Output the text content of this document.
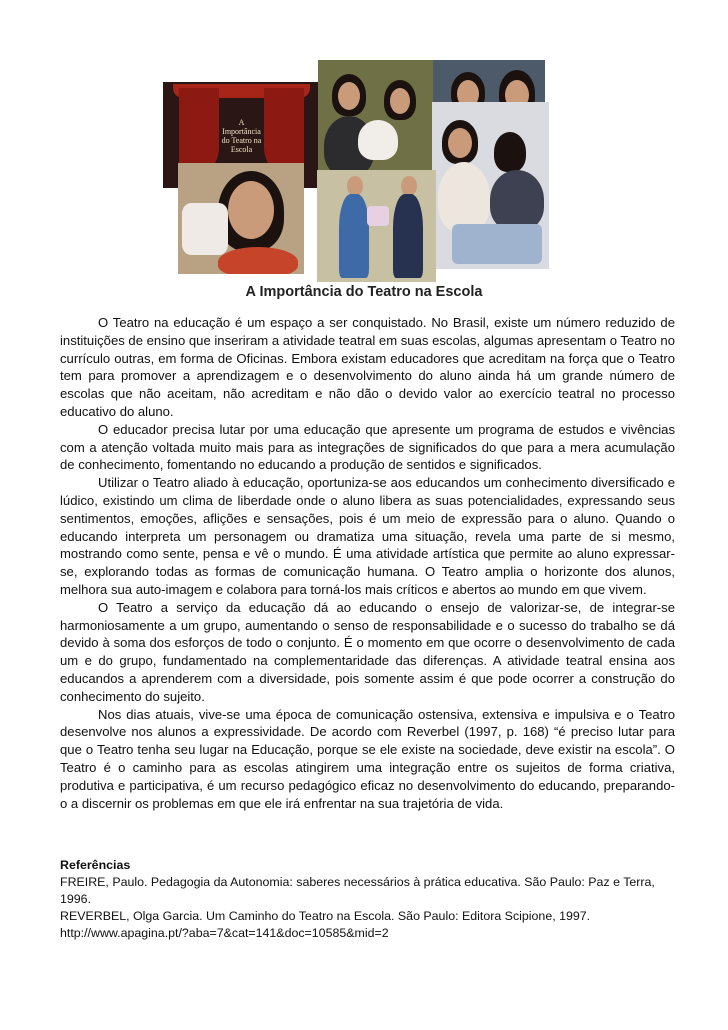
A Importância do Teatro na Escola
A Importância do Teatro na Escola

O Teatro na educação é um espaço a ser conquistado. No Brasil, existe um número reduzido de instituições de ensino que inseriram a atividade teatral em suas escolas, algumas apresentam o Teatro no currículo outras, em forma de Oficinas. Embora existam educadores que acreditam na força que o Teatro tem para promover a aprendizagem e o desenvolvimento do aluno ainda há um grande número de escolas que não aceitam, não acreditam e não dão o devido valor ao exercício teatral no processo educativo do aluno.

O educador precisa lutar por uma educação que apresente um programa de estudos e vivências com a atenção voltada muito mais para as integrações de significados do que para a mera acumulação de conhecimento, fomentando no educando a produção de sentidos e significados.

Utilizar o Teatro aliado à educação, oportuniza-se aos educandos um conhecimento diversificado e lúdico, existindo um clima de liberdade onde o aluno libera as suas potencialidades, expressando seus sentimentos, emoções, aflições e sensações, pois é um meio de expressão para o aluno. Quando o educando interpreta um personagem ou dramatiza uma situação, revela uma parte de si mesmo, mostrando como sente, pensa e vê o mundo. É uma atividade artística que permite ao aluno expressar-se, explorando todas as formas de comunicação humana. O Teatro amplia o horizonte dos alunos, melhora sua auto-imagem e colabora para torná-los mais críticos e abertos ao mundo em que vivem.

O Teatro a serviço da educação dá ao educando o ensejo de valorizar-se, de integrar-se harmoniosamente a um grupo, aumentando o senso de responsabilidade e o sucesso do trabalho se dá devido à soma dos esforços de todo o conjunto. É o momento em que ocorre o desenvolvimento de cada um e do grupo, fundamentado na complementaridade das diferenças. A atividade teatral ensina aos educandos a aprenderem com a diversidade, pois somente assim é que pode ocorrer a construção do conhecimento do sujeito.

Nos dias atuais, vive-se uma época de comunicação ostensiva, extensiva e impulsiva e o Teatro desenvolve nos alunos a expressividade. De acordo com Reverbel (1997, p. 168) “é preciso lutar para que o Teatro tenha seu lugar na Educação, porque se ele existe na sociedade, deve existir na escola”. O Teatro é o caminho para as escolas atingirem uma integração entre os sujeitos de forma criativa, produtiva e participativa, é um recurso pedagógico eficaz no desenvolvimento do educando, preparando-o a discernir os problemas em que ele irá enfrentar na sua trajetória de vida.

Referências
FREIRE, Paulo. Pedagogia da Autonomia: saberes necessários à prática educativa. São Paulo: Paz e Terra, 1996.
REVERBEL, Olga Garcia. Um Caminho do Teatro na Escola. São Paulo: Editora Scipione, 1997.
http://www.apagina.pt/?aba=7&cat=141&doc=10585&mid=2
